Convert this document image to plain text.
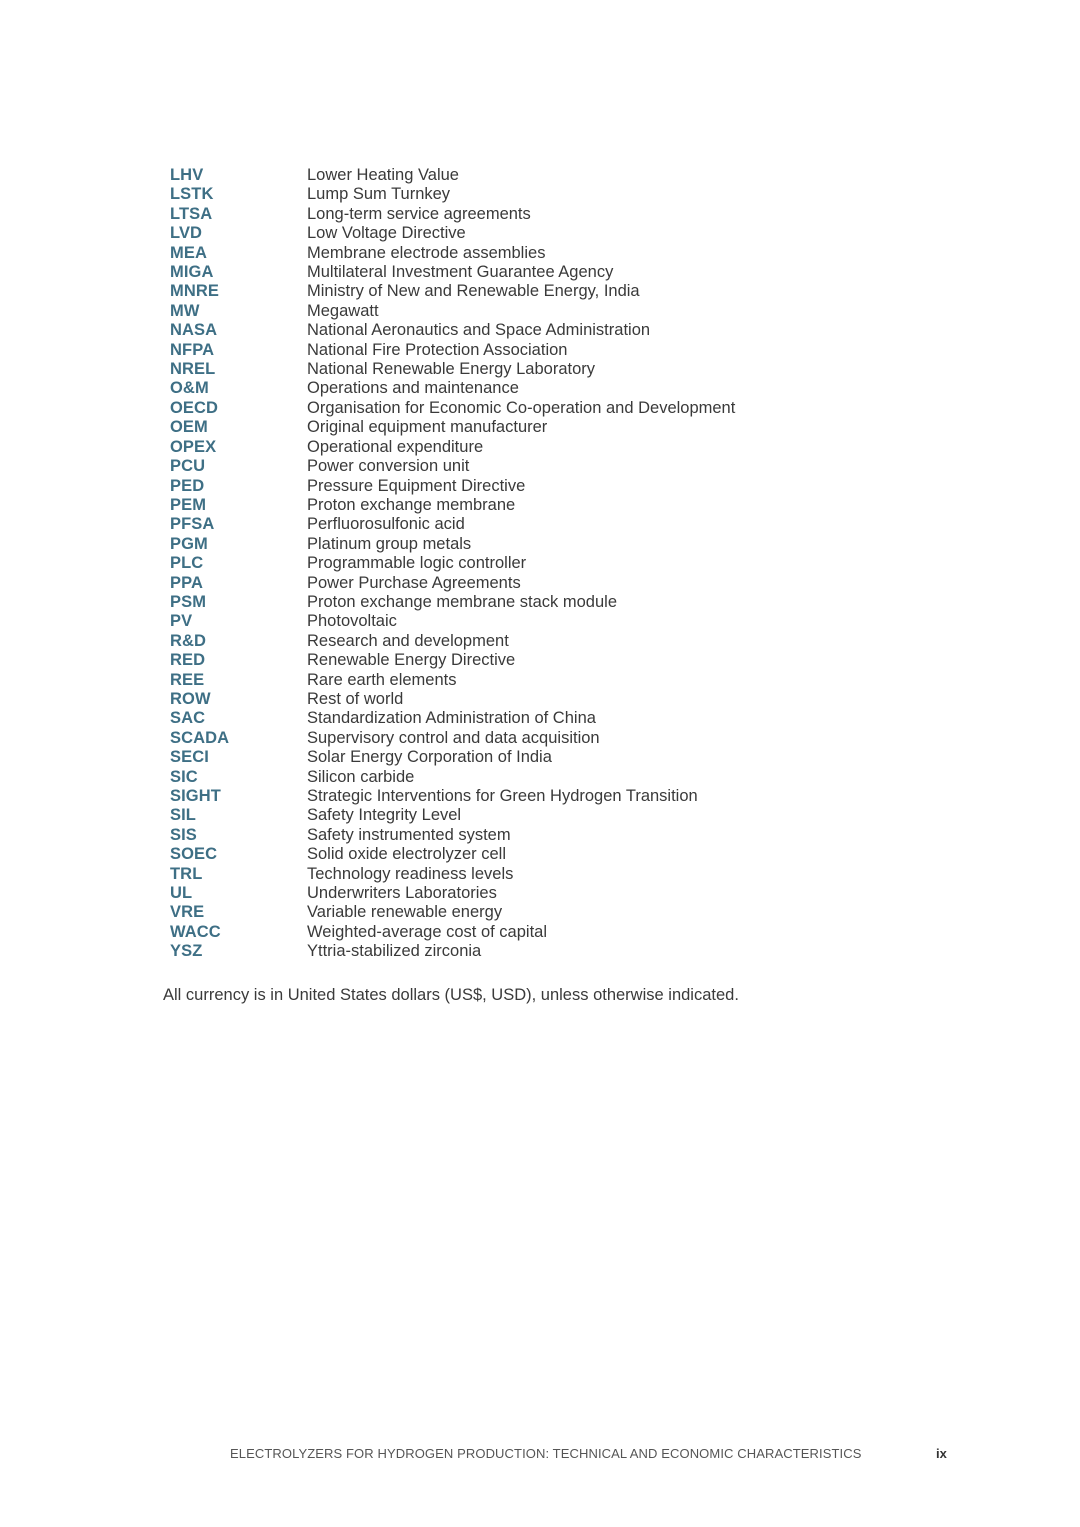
LHV	Lower Heating Value
LSTK	Lump Sum Turnkey
LTSA	Long-term service agreements
LVD	Low Voltage Directive
MEA	Membrane electrode assemblies
MIGA	Multilateral Investment Guarantee Agency
MNRE	Ministry of New and Renewable Energy, India
MW	Megawatt
NASA	National Aeronautics and Space Administration
NFPA	National Fire Protection Association
NREL	National Renewable Energy Laboratory
O&M	Operations and maintenance
OECD	Organisation for Economic Co-operation and Development
OEM	Original equipment manufacturer
OPEX	Operational expenditure
PCU	Power conversion unit
PED	Pressure Equipment Directive
PEM	Proton exchange membrane
PFSA	Perfluorosulfonic acid
PGM	Platinum group metals
PLC	Programmable logic controller
PPA	Power Purchase Agreements
PSM	Proton exchange membrane stack module
PV	Photovoltaic
R&D	Research and development
RED	Renewable Energy Directive
REE	Rare earth elements
ROW	Rest of world
SAC	Standardization Administration of China
SCADA	Supervisory control and data acquisition
SECI	Solar Energy Corporation of India
SIC	Silicon carbide
SIGHT	Strategic Interventions for Green Hydrogen Transition
SIL	Safety Integrity Level
SIS	Safety instrumented system
SOEC	Solid oxide electrolyzer cell
TRL	Technology readiness levels
UL	Underwriters Laboratories
VRE	Variable renewable energy
WACC	Weighted-average cost of capital
YSZ	Yttria-stabilized zirconia
All currency is in United States dollars (US$, USD), unless otherwise indicated.
ELECTROLYZERS FOR HYDROGEN PRODUCTION: TECHNICAL AND ECONOMIC CHARACTERISTICS	ix
